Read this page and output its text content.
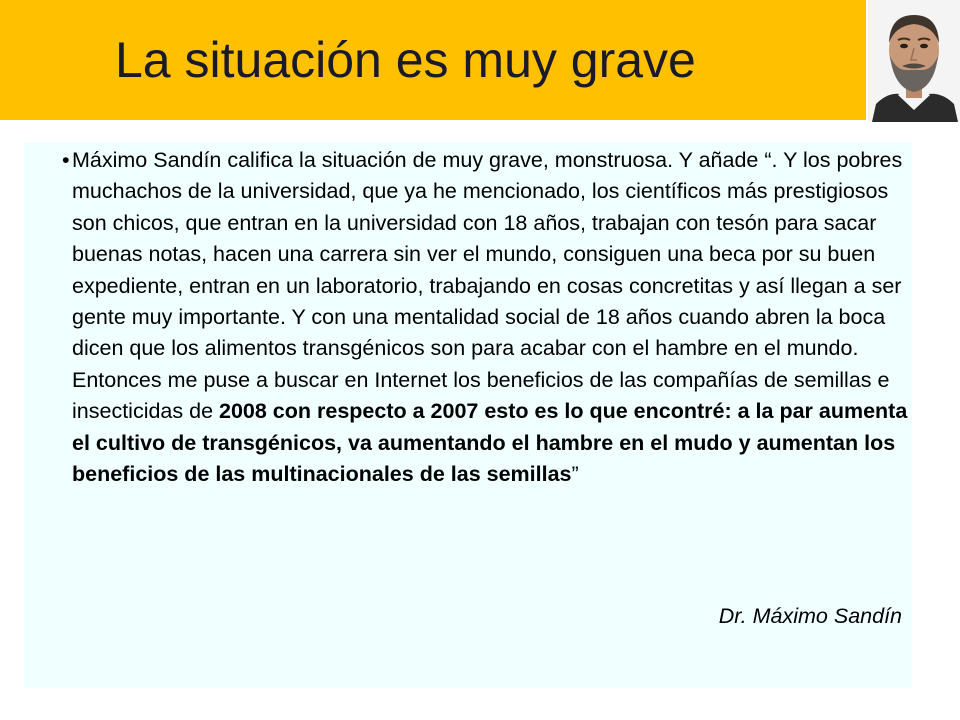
La situación es muy grave
• Máximo Sandín califica la situación de muy grave, monstruosa. Y añade “. Y los pobres muchachos de la universidad, que ya he mencionado, los científicos más prestigiosos son chicos, que entran en la universidad con 18 años, trabajan con tesón para sacar buenas notas, hacen una carrera sin ver el mundo, consiguen una beca por su buen expediente, entran en un laboratorio, trabajando en cosas concretitas y así llegan a ser gente muy importante. Y con una mentalidad social de 18 años cuando abren la boca dicen que los alimentos transgénicos son para acabar con el hambre en el mundo. Entonces me puse a buscar en Internet los beneficios de las compañías de semillas e insecticidas de 2008 con respecto a 2007 esto es lo que encontré: a la par aumenta el cultivo de transgénicos, va aumentando el hambre en el mudo y aumentan los beneficios de las multinacionales de las semillas”

Dr. Máximo Sandín
